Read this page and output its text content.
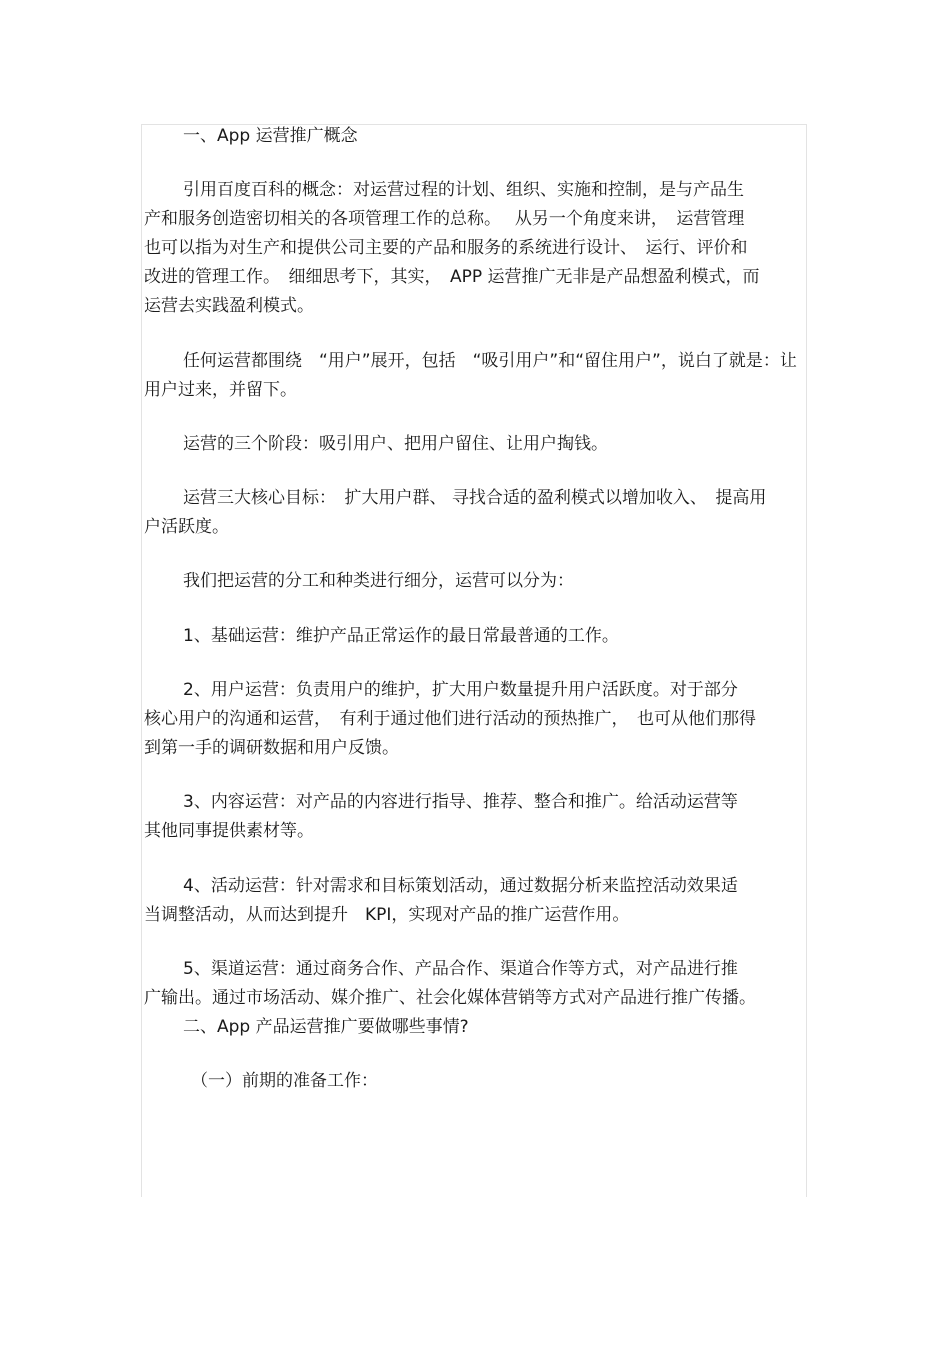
一、App 运营推广概念
引用百度百科的概念：对运营过程的计划、组织、实施和控制，是与产品生
产和服务创造密切相关的各项管理工作的总称。　 从另一个角度来讲，　运营管理
也可以指为对生产和提供公司主要的产品和服务的系统进行设计、　运行、评价和
改进的管理工作。　细细思考下，其实，　APP 运营推广无非是产品想盈利模式，而
运营去实践盈利模式。
任何运营都围绕　“用户”展开，包括　“吸引用户”和“留住用户”，说白了就是：让
用户过来，并留下。
运营的三个阶段：吸引用户、把用户留住、让用户掏钱。
运营三大核心目标：　扩大用户群、 寻找合适的盈利模式以增加收入、　提高用
户活跃度。
我们把运营的分工和种类进行细分，运营可以分为：
1、基础运营：维护产品正常运作的最日常最普通的工作。
2、用户运营：负责用户的维护，扩大用户数量提升用户活跃度。对于部分
核心用户的沟通和运营，　有利于通过他们进行活动的预热推广，　也可从他们那得
到第一手的调研数据和用户反馈。
3、内容运营：对产品的内容进行指导、推荐、整合和推广。给活动运营等
其他同事提供素材等。
4、活动运营：针对需求和目标策划活动，通过数据分析来监控活动效果适
当调整活动，从而达到提升　KPI，实现对产品的推广运营作用。
5、渠道运营：通过商务合作、产品合作、渠道合作等方式，对产品进行推
广输出。通过市场活动、媒介推广、社会化媒体营销等方式对产品进行推广传播。
二、App 产品运营推广要做哪些事情?
（一）前期的准备工作：
